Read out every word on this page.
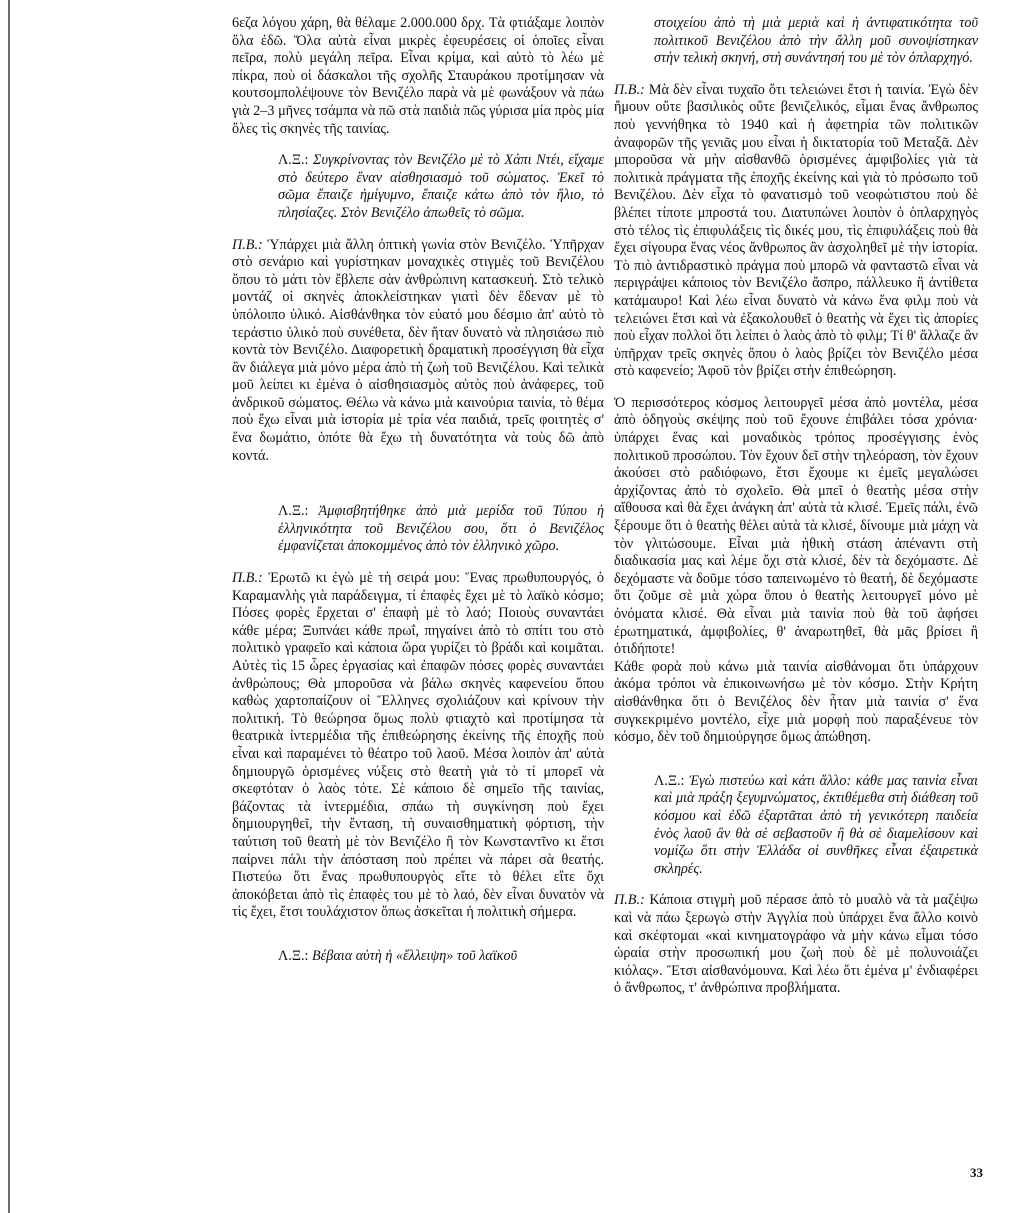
6εζα λόγου χάρη, θὰ θέλαμε 2.000.000 δρχ. Τὰ φτιάξαμε λοιπὸν ὅλα ἐδῶ. Ὅλα αὐτὰ εἶναι μικρὲς ἐφευρέσεις οἱ ὁποῖες εἶναι πεῖρα, πολὺ μεγάλη πεῖρα. Εἶναι κρίμα, καὶ αὐτὸ τὸ λέω μὲ πίκρα, ποὺ οἱ δάσκαλοι τῆς σχολῆς Σταυράκου προτίμησαν νὰ κουτσομπολέψουνε τὸν Βενιζέλο παρὰ νὰ μὲ φωνάξουν νὰ πάω γιὰ 2–3 μῆνες τσάμπα νὰ πῶ στὰ παιδιὰ πῶς γύρισα μία πρὸς μία ὅλες τὶς σκηνὲς τῆς ταινίας.

Λ.Ξ.: Συγκρίνοντας τὸν Βενιζέλο μὲ τὸ Χάπι Ντέι, εἴχαμε στὸ δεύτερο ἕναν αἰσθησιασμὸ τοῦ σώματος. Ἐκεῖ τὸ σῶμα ἔπαιζε ἠμίγυμνο, ἔπαιζε κάτω ἀπὸ τὸν ἥλιο, τὸ πλησίαζες. Στὸν Βενιζέλο ἀπωθεῖς τὸ σῶμα.

Π.Β.: Ὑπάρχει μιὰ ἄλλη ὀπτικὴ γωνία στὸν Βενιζέλο. Ὑπῆρχαν στὸ σενάριο καὶ γυρίστηκαν μοναχικὲς στιγμὲς τοῦ Βενιζέλου ὅπου τὸ μάτι τὸν ἔβλεπε σὰν ἀνθρώπινη κατασκευή. Στὸ τελικὸ μοντάζ οἱ σκηνὲς ἀποκλείστηκαν γιατὶ δὲν ἔδεναν μὲ τὸ ὑπόλοιπο ὑλικό. Αἰσθάνθηκα τὸν εὐατό μου δέσμιο ἀπ' αὐτὸ τὸ τεράστιο ὑλικὸ ποὺ συνέθετα, δὲν ἤταν δυνατὸ νὰ πλησιάσω πιὸ κοντὰ τὸν Βενιζέλο. Διαφορετικὴ δραματικὴ προσέγγιση θὰ εἶχα ἂν διάλεγα μιὰ μόνο μέρα ἀπὸ τὴ ζωὴ τοῦ Βενιζέλου. Καὶ τελικὰ μοῦ λείπει κι ἐμένα ὁ αἰσθησιασμὸς αὐτὸς ποὺ ἀνάφερες, τοῦ ἀνδρικοῦ σώματος. Θέλω νὰ κάνω μιὰ καινούρια ταινία, τὸ θέμα ποὺ ἔχω εἶναι μιὰ ἱστορία μὲ τρία νέα παιδιά, τρεῖς φοιτητὲς σ' ἕνα δωμάτιο, ὁπότε θὰ ἔχω τὴ δυνατότητα νὰ τοὺς δῶ ἀπὸ κοντά.

Λ.Ξ.: Ἀμφισβητήθηκε ἀπὸ μιὰ μερίδα τοῦ Τύπου ἡ ἑλληνικότητα τοῦ Βενιζέλου σου, ὅτι ὁ Βενιζέλος ἐμφανίζεται ἀποκομμένος ἀπὸ τὸν ἑλληνικὸ χῶρο.

Π.Β.: Ἐρωτῶ κι ἐγὼ μὲ τὴ σειρά μου: Ἕνας πρωθυπουργός, ὁ Καραμανλὴς γιὰ παράδειγμα, τί ἐπαφὲς ἔχει μὲ τὸ λαϊκὸ κόσμο; Πόσες φορὲς ἔρχεται σ' ἐπαφὴ μὲ τὸ λαό; Ποιοὺς συναντάει κάθε μέρα; Ξυπνάει κάθε πρωΐ, πηγαίνει ἀπὸ τὸ σπίτι του στὸ πολιτικὸ γραφεῖο καὶ κάποια ὥρα γυρίζει τὸ βράδι καὶ κοιμᾶται. Αὐτὲς τὶς 15 ὧρες ἐργασίας καὶ ἐπαφῶν πόσες φορὲς συναντάει ἀνθρώπους; Θὰ μποροῦσα νὰ βάλω σκηνὲς καφενείου ὅπου καθὼς χαρτοπαίζουν οἱ Ἕλληνες σχολιάζουν καὶ κρίνουν τὴν πολιτική. Τὸ θεώρησα ὅμως πολὺ φτιαχτὸ καὶ προτίμησα τὰ θεατρικὰ ἰντερμέδια τῆς ἐπιθεώρησης ἐκείνης τῆς ἐποχῆς ποὺ εἶναι καὶ παραμένει τὸ θέατρο τοῦ λαοῦ. Μέσα λοιπὸν ἀπ' αὐτὰ δημιουργῶ ὁρισμένες νύξεις στὸ θεατὴ γιὰ τὸ τί μπορεῖ νὰ σκεφτόταν ὁ λαὸς τότε. Σὲ κάποιο δὲ σημεῖο τῆς ταινίας, βάζοντας τὰ ἰντερμέδια, σπάω τὴ συγκίνηση ποὺ ἔχει δημιουργηθεῖ, τὴν ἔνταση, τὴ συναισθηματικὴ φόρτιση, τὴν ταύτιση τοῦ θεατὴ μὲ τὸν Βενιζέλο ἢ τὸν Κωνσταντῖνο κι ἔτσι παίρνει πάλι τὴν ἀπόσταση ποὺ πρέπει νὰ πάρει σὰ θεατής. Πιστεύω ὅτι ἕνας πρωθυπουργὸς εἴτε τὸ θέλει εἴτε ὄχι ἀποκόβεται ἀπὸ τὶς ἐπαφὲς του μὲ τὸ λαό, δὲν εἶναι δυνατὸν νὰ τὶς ἔχει, ἔτσι τουλάχιστον ὅπως ἀσκεῖται ἡ πολιτικὴ σήμερα.

Λ.Ξ.: Βέβαια αὐτὴ ἡ «ἔλλειψη» τοῦ λαϊκοῦ

στοιχείου ἀπὸ τὴ μιὰ μεριὰ καὶ ἡ ἀντιφατικότητα τοῦ πολιτικοῦ Βενιζέλου ἀπὸ τὴν ἄλλη μοῦ συνοψίστηκαν στὴν τελικὴ σκηνή, στὴ συνάντησή του μὲ τὸν ὁπλαρχηγό.

Π.Β.: Μὰ δὲν εἶναι τυχαῖο ὅτι τελειώνει ἔτσι ἡ ταινία. Ἐγὼ δὲν ἤμουν οὔτε βασιλικὸς οὔτε βενιζελικός, εἶμαι ἕνας ἄνθρωπος ποὺ γεννήθηκα τὸ 1940 καὶ ἡ ἀφετηρία τῶν πολιτικῶν ἀναφορῶν τῆς γενιᾶς μου εἶναι ἡ δικτατορία τοῦ Μεταξᾶ. Δὲν μποροῦσα νὰ μὴν αἰσθανθῶ ὁρισμένες ἀμφιβολίες γιὰ τὰ πολιτικὰ πράγματα τῆς ἐποχῆς ἐκείνης καὶ γιὰ τὸ πρόσωπο τοῦ Βενιζέλου. Δὲν εἶχα τὸ φανατισμὸ τοῦ νεοφώτιστου ποὺ δὲ βλέπει τίποτε μπροστά του. Διατυπώνει λοιπὸν ὁ ὁπλαρχηγὸς στὸ τέλος τὶς ἐπιφυλάξεις τὶς δικές μου, τὶς ἐπιφυλάξεις ποὺ θὰ ἔχει σίγουρα ἕνας νέος ἄνθρωπος ἂν ἀσχοληθεῖ μὲ τὴν ἱστορία. Τὸ πιὸ ἀντιδραστικὸ πράγμα ποὺ μπορῶ νὰ φανταστῶ εἶναι νὰ περιγράψει κάποιος τὸν Βενιζέλο ἄσπρο, πάλλευκο ἢ ἀντίθετα κατάμαυρο! Καὶ λέω εἶναι δυνατὸ νὰ κάνω ἕνα φιλμ ποὺ νὰ τελειώνει ἔτσι καὶ νὰ ἐξακολουθεῖ ὁ θεατὴς νὰ ἔχει τὶς ἀπορίες ποὺ εἶχαν πολλοὶ ὅτι λείπει ὁ λαὸς ἀπὸ τὸ φιλμ; Τί θ' ἄλλαζε ἂν ὑπῆρχαν τρεῖς σκηνὲς ὅπου ὁ λαὸς βρίζει τὸν Βενιζέλο μέσα στὸ καφενείο; Ἀφοῦ τὸν βρίζει στὴν ἐπιθεώρηση.

Ὁ περισσότερος κόσμος λειτουργεῖ μέσα ἀπὸ μοντέλα, μέσα ἀπὸ ὁδηγοὺς σκέψης ποὺ τοῦ ἔχουνε ἐπιβάλει τόσα χρόνια· ὑπάρχει ἕνας καὶ μοναδικὸς τρόπος προσέγγισης ἑνὸς πολιτικοῦ προσώπου. Τὸν ἔχουν δεῖ στὴν τηλεόραση, τὸν ἔχουν ἀκούσει στὸ ραδιόφωνο, ἔτσι ἔχουμε κι ἐμεῖς μεγαλώσει ἀρχίζοντας ἀπὸ τὸ σχολεῖο. Θὰ μπεῖ ὁ θεατὴς μέσα στὴν αἴθουσα καὶ θὰ ἔχει ἀνάγκη ἀπ' αὐτὰ τὰ κλισέ. Ἐμεῖς πάλι, ἐνῶ ξέρουμε ὅτι ὁ θεατὴς θέλει αὐτὰ τὰ κλισέ, δίνουμε μιὰ μάχη νὰ τὸν γλιτώσουμε. Εἶναι μιὰ ἠθικὴ στάση ἀπέναντι στὴ διαδικασία μας καὶ λέμε ὄχι στὰ κλισέ, δὲν τὰ δεχόμαστε. Δὲ δεχόμαστε νὰ δοῦμε τόσο ταπεινωμένο τὸ θεατή, δὲ δεχόμαστε ὅτι ζοῦμε σὲ μιὰ χώρα ὅπου ὁ θεατὴς λειτουργεῖ μόνο μὲ ὀνόματα κλισέ. Θὰ εἶναι μιὰ ταινία ποὺ θὰ τοῦ ἀφήσει ἐρωτηματικά, ἀμφιβολίες, θ' ἀναρωτηθεῖ, θὰ μᾶς βρίσει ἢ ὁτιδήποτε!

Κάθε φορὰ ποὺ κάνω μιὰ ταινία αἰσθάνομαι ὅτι ὑπάρχουν ἀκόμα τρόποι νὰ ἐπικοινωνήσω μὲ τὸν κόσμο. Στὴν Κρήτη αἰσθάνθηκα ὅτι ὁ Βενιζέλος δὲν ἦταν μιὰ ταινία σ' ἕνα συγκεκριμένο μοντέλο, εἶχε μιὰ μορφὴ ποὺ παραξένευε τὸν κόσμο, δὲν τοῦ δημιούργησε ὅμως ἀπώθηση.

Λ.Ξ.: Ἐγὼ πιστεύω καὶ κάτι ἄλλο: κάθε μας ταινία εἶναι καὶ μιὰ πράξη ξεγυμνώματος, ἐκτιθέμεθα στὴ διάθεση τοῦ κόσμου καὶ ἐδῶ ἐξαρτᾶται ἀπὸ τὴ γενικότερη παιδεία ἑνὸς λαοῦ ἂν θὰ σὲ σεβαστοῦν ἢ θὰ σὲ διαμελίσουν καὶ νομίζω ὅτι στὴν Ἑλλάδα οἱ συνθῆκες εἶναι ἐξαιρετικὰ σκληρές.

Π.Β.: Κάποια στιγμὴ μοῦ πέρασε ἀπὸ τὸ μυαλὸ νὰ τὰ μαζέψω καὶ νὰ πάω ξερωγὼ στὴν Ἀγγλία ποὺ ὑπάρχει ἕνα ἄλλο κοινὸ καὶ σκέφτομαι «καὶ κινηματογράφο νὰ μὴν κάνω εἶμαι τόσο ὡραία στὴν προσωπική μου ζωὴ ποὺ δὲ μὲ πολυνοιάζει κιόλας». Ἔτσι αἰσθανόμουνα. Καὶ λέω ὅτι ἐμένα μ' ἐνδιαφέρει ὁ ἄνθρωπος, τ' ἀνθρώπινα προβλήματα.

33
